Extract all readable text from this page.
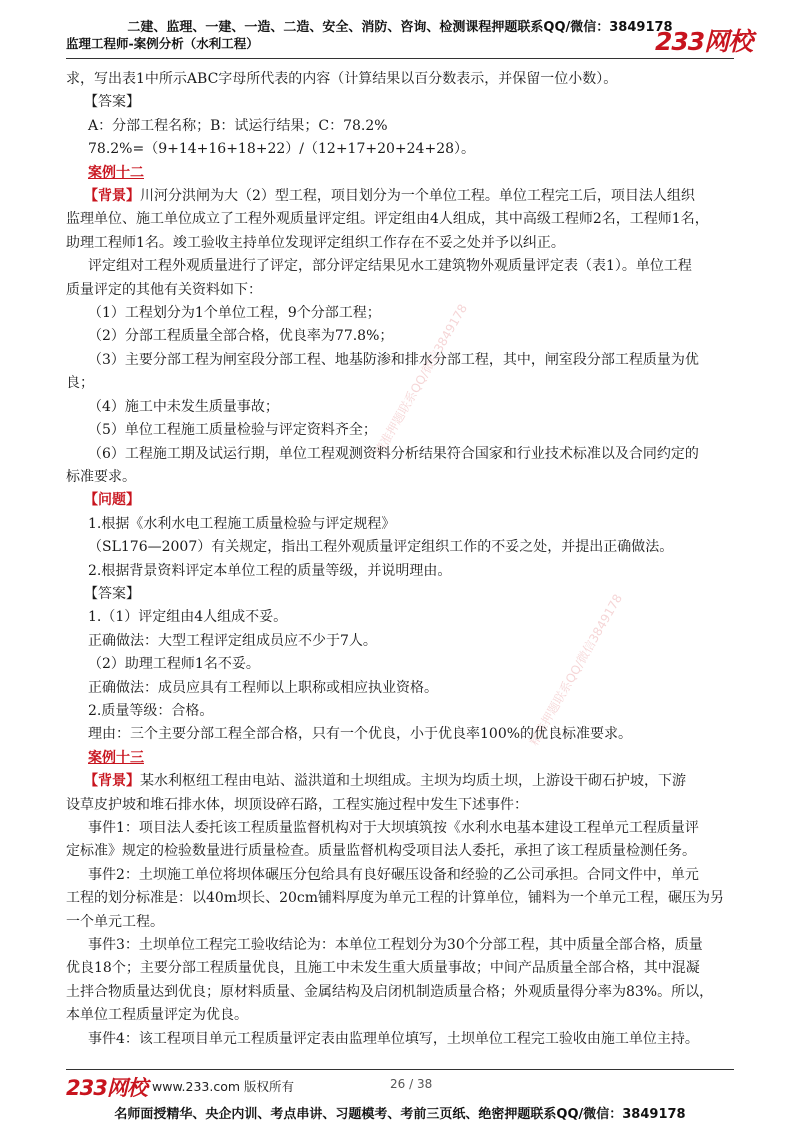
二建、监理、一建、一造、二造、安全、消防、咨询、检测课程押题联系QQ/微信：3849178
监理工程师-案例分析（水利工程）	233网校
精准押题联系QQ/微信3849178
精准押题联系QQ/微信3849178
求，写出表1中所示ABC字母所代表的内容（计算结果以百分数表示，并保留一位小数）。
【答案】
A：分部工程名称；B：试运行结果；C：78.2%
78.2%=（9+14+16+18+22）/（12+17+20+24+28）。
案例十二
【背景】川河分洪闸为大（2）型工程，项目划分为一个单位工程。单位工程完工后，项目法人组织
监理单位、施工单位成立了工程外观质量评定组。评定组由4人组成，其中高级工程师2名，工程师1名，
助理工程师1名。竣工验收主持单位发现评定组织工作存在不妥之处并予以纠正。
评定组对工程外观质量进行了评定，部分评定结果见水工建筑物外观质量评定表（表1）。单位工程
质量评定的其他有关资料如下：
（1）工程划分为1个单位工程，9个分部工程；
（2）分部工程质量全部合格，优良率为77.8%；
（3）主要分部工程为闸室段分部工程、地基防渗和排水分部工程，其中，闸室段分部工程质量为优
良；
（4）施工中未发生质量事故；
（5）单位工程施工质量检验与评定资料齐全；
（6）工程施工期及试运行期，单位工程观测资料分析结果符合国家和行业技术标准以及合同约定的
标准要求。
【问题】
1.根据《水利水电工程施工质量检验与评定规程》
（SL176—2007）有关规定，指出工程外观质量评定组织工作的不妥之处，并提出正确做法。
2.根据背景资料评定本单位工程的质量等级，并说明理由。
【答案】
1.（1）评定组由4人组成不妥。
正确做法：大型工程评定组成员应不少于7人。
（2）助理工程师1名不妥。
正确做法：成员应具有工程师以上职称或相应执业资格。
2.质量等级：合格。
理由：三个主要分部工程全部合格，只有一个优良，小于优良率100%的优良标准要求。
案例十三
【背景】某水利枢纽工程由电站、溢洪道和土坝组成。主坝为均质土坝，上游设干砌石护坡，下游
设草皮护坡和堆石排水体，坝顶设碎石路，工程实施过程中发生下述事件：
事件1：项目法人委托该工程质量监督机构对于大坝填筑按《水利水电基本建设工程单元工程质量评
定标准》规定的检验数量进行质量检查。质量监督机构受项目法人委托，承担了该工程质量检测任务。
事件2：土坝施工单位将坝体碾压分包给具有良好碾压设备和经验的乙公司承担。合同文件中，单元
工程的划分标准是：以40m坝长、20cm铺料厚度为单元工程的计算单位，铺料为一个单元工程，碾压为另
一个单元工程。
事件3：土坝单位工程完工验收结论为：本单位工程划分为30个分部工程，其中质量全部合格，质量
优良18个；主要分部工程质量优良，且施工中未发生重大质量事故；中间产品质量全部合格，其中混凝
土拌合物质量达到优良；原材料质量、金属结构及启闭机制造质量合格；外观质量得分率为83%。所以，
本单位工程质量评定为优良。
事件4：该工程项目单元工程质量评定表由监理单位填写，土坝单位工程完工验收由施工单位主持。
233网校 www.233.com 版权所有	26 / 38
名师面授精华、央企内训、考点串讲、习题模考、考前三页纸、绝密押题联系QQ/微信：3849178
